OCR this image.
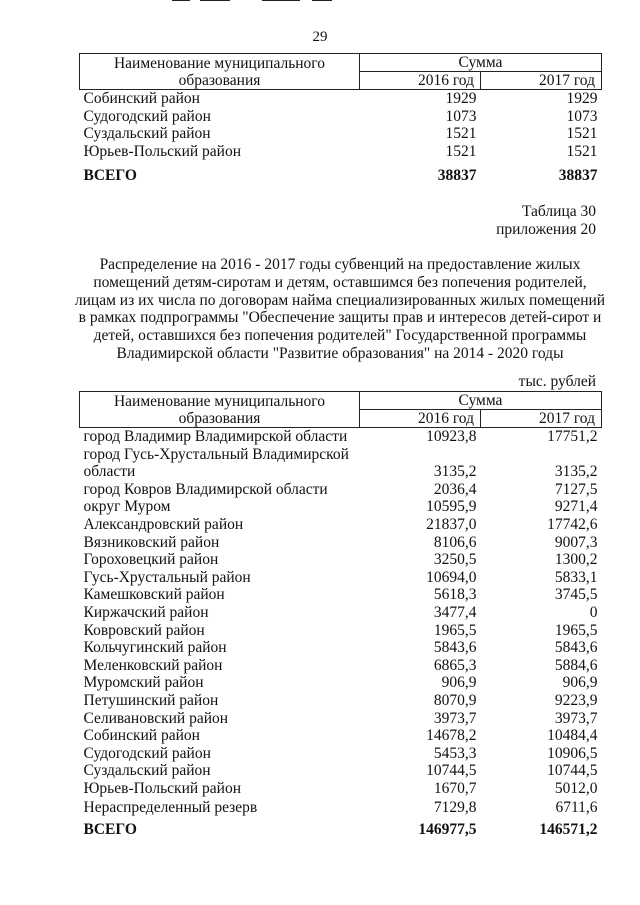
29
Наименование муниципального образования	Сумма	
	2016 год	2017 год
Собинский район	1929	1929
Судогодский район	1073	1073
Суздальский район	1521	1521
Юрьев-Польский район	1521	1521
ВСЕГО	38837	38837
Таблица 30
приложения 20
Распределение на 2016 - 2017 годы субвенций на предоставление жилых
помещений детям-сиротам и детям, оставшимся без попечения родителей,
лицам из их числа по договорам найма специализированных жилых помещений
в рамках подпрограммы "Обеспечение защиты прав и интересов детей-сирот и
детей, оставшихся без попечения родителей" Государственной программы
Владимирской области "Развитие образования" на 2014 - 2020 годы
тыс. рублей
Наименование муниципального образования	Сумма	
	2016 год	2017 год
город Владимир Владимирской области	10923,8	17751,2
город Гусь-Хрустальный Владимирской		
области	3135,2	3135,2
город Ковров Владимирской области	2036,4	7127,5
округ Муром	10595,9	9271,4
Александровский район	21837,0	17742,6
Вязниковский район	8106,6	9007,3
Гороховецкий район	3250,5	1300,2
Гусь-Хрустальный район	10694,0	5833,1
Камешковский район	5618,3	3745,5
Киржачский район	3477,4	0
Ковровский район	1965,5	1965,5
Кольчугинский район	5843,6	5843,6
Меленковский район	6865,3	5884,6
Муромский район	906,9	906,9
Петушинский район	8070,9	9223,9
Селивановский район	3973,7	3973,7
Собинский район	14678,2	10484,4
Судогодский район	5453,3	10906,5
Суздальский район	10744,5	10744,5
Юрьев-Польский район	1670,7	5012,0
Нераспределенный резерв	7129,8	6711,6
ВСЕГО	146977,5	146571,2
